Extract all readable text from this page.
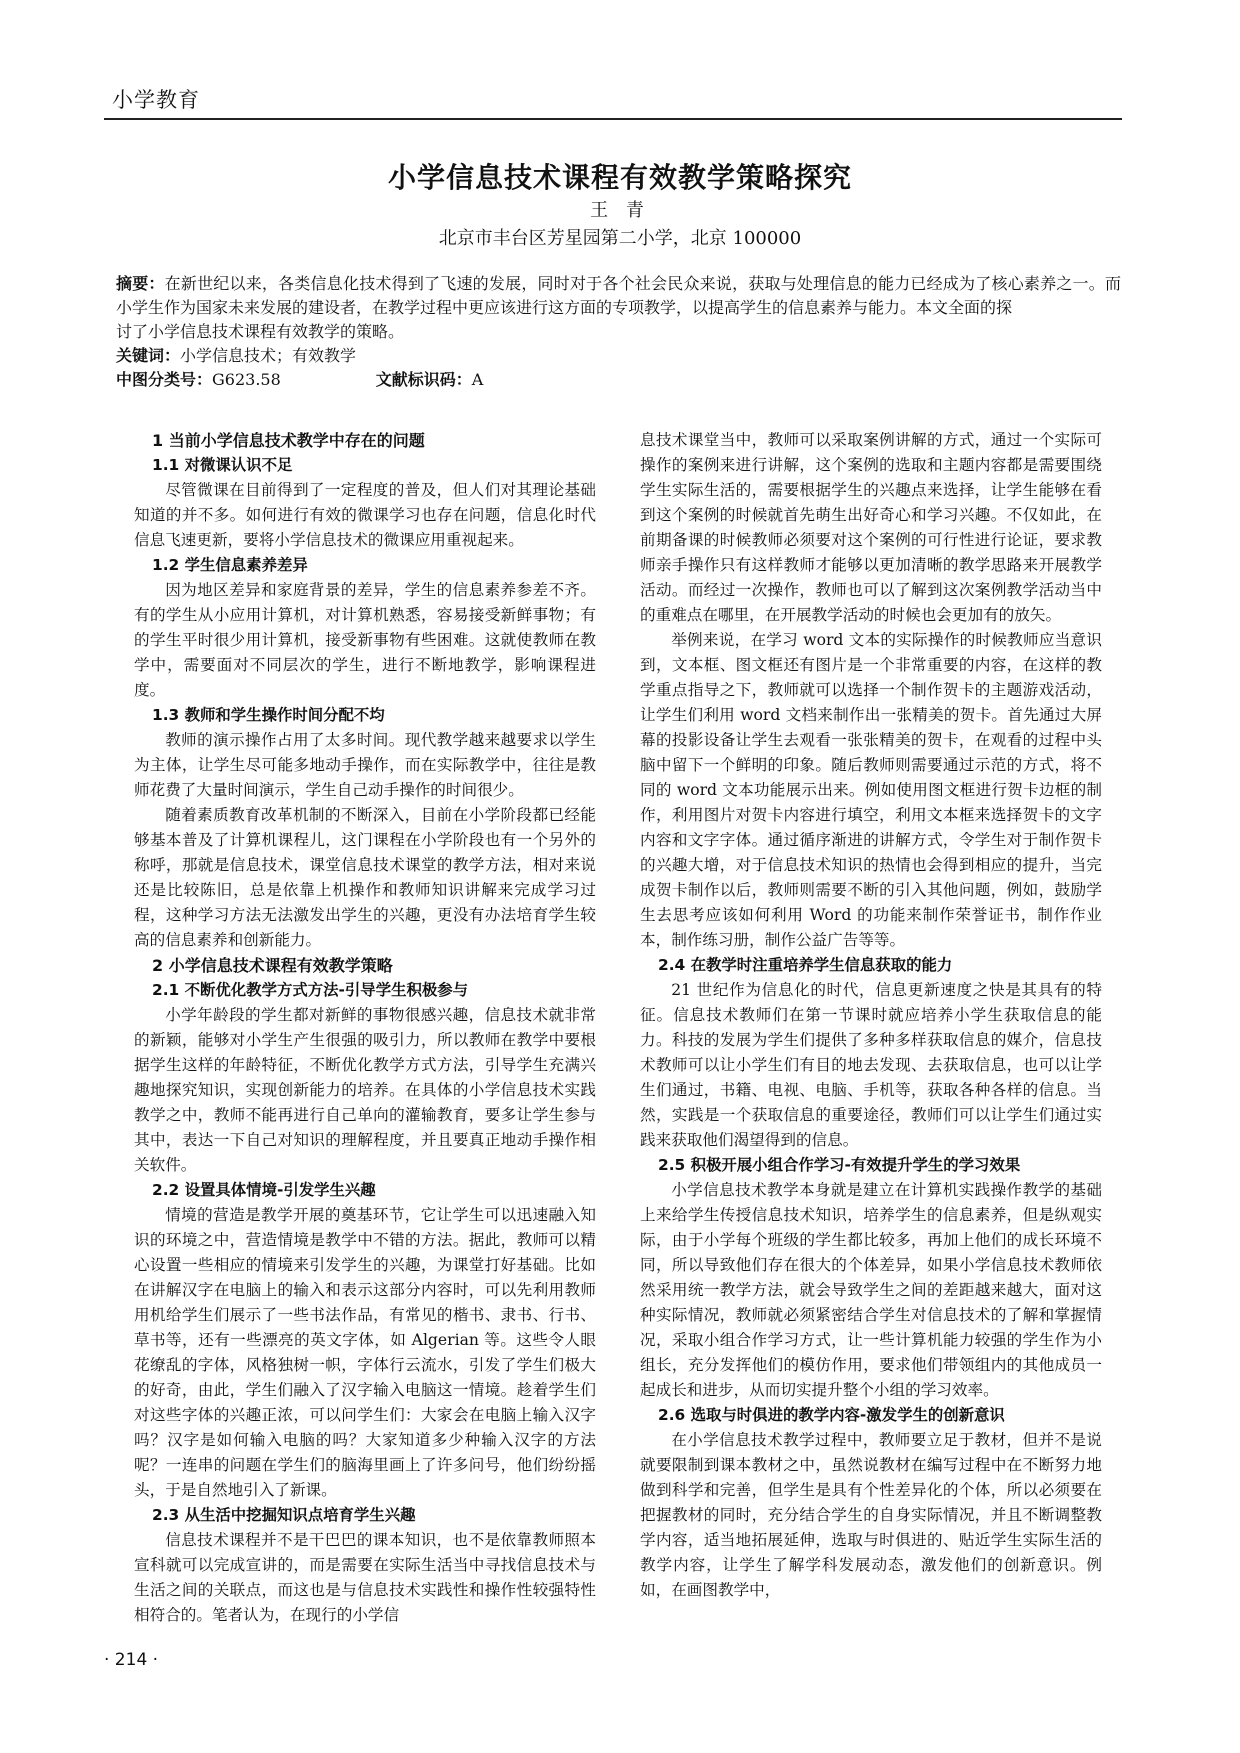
小学教育
小学信息技术课程有效教学策略探究
王 青
北京市丰台区芳星园第二小学，北京 100000

摘要：在新世纪以来，各类信息化技术得到了飞速的发展，同时对于各个社会民众来说，获取与处理信息的能力已经成为了核心素养之一。而小学生作为国家未来发展的建设者，在教学过程中更应该进行这方面的专项教学，以提高学生的信息素养与能力。本文全面的探

讨了小学信息技术课程有效教学的策略。

关键词：小学信息技术；有效教学

中图分类号：G623.58	文献标识码：A

1 当前小学信息技术教学中存在的问题
1.1 对微课认识不足

尽管微课在目前得到了一定程度的普及，但人们对其理论基础知道的并不多。如何进行有效的微课学习也存在问题，信息化时代信息飞速更新，要将小学信息技术的微课应用重视起来。

1.2 学生信息素养差异

因为地区差异和家庭背景的差异，学生的信息素养参差不齐。有的学生从小应用计算机，对计算机熟悉，容易接受新鲜事物；有的学生平时很少用计算机，接受新事物有些困难。这就使教师在教学中，需要面对不同层次的学生，进行不断地教学，影响课程进度。

1.3 教师和学生操作时间分配不均

教师的演示操作占用了太多时间。现代教学越来越要求以学生为主体，让学生尽可能多地动手操作，而在实际教学中，往往是教师花费了大量时间演示，学生自己动手操作的时间很少。

随着素质教育改革机制的不断深入，目前在小学阶段都已经能够基本普及了计算机课程儿，这门课程在小学阶段也有一个另外的称呼，那就是信息技术，课堂信息技术课堂的教学方法，相对来说还是比较陈旧，总是依靠上机操作和教师知识讲解来完成学习过程，这种学习方法无法激发出学生的兴趣，更没有办法培育学生较高的信息素养和创新能力。

2 小学信息技术课程有效教学策略
2.1 不断优化教学方式方法-引导学生积极参与

小学年龄段的学生都对新鲜的事物很感兴趣，信息技术就非常的新颖，能够对小学生产生很强的吸引力，所以教师在教学中要根据学生这样的年龄特征，不断优化教学方式方法，引导学生充满兴趣地探究知识，实现创新能力的培养。在具体的小学信息技术实践教学之中，教师不能再进行自己单向的灌输教育，要多让学生参与其中，表达一下自己对知识的理解程度，并且要真正地动手操作相关软件。

2.2 设置具体情境-引发学生兴趣

情境的营造是教学开展的奠基环节，它让学生可以迅速融入知识的环境之中，营造情境是教学中不错的方法。据此，教师可以精心设置一些相应的情境来引发学生的兴趣，为课堂打好基础。比如在讲解汉字在电脑上的输入和表示这部分内容时，可以先利用教师用机给学生们展示了一些书法作品，有常见的楷书、隶书、行书、草书等，还有一些漂亮的英文字体，如 Algerian 等。这些令人眼花缭乱的字体，风格独树一帜，字体行云流水，引发了学生们极大的好奇，由此，学生们融入了汉字输入电脑这一情境。趁着学生们对这些字体的兴趣正浓，可以问学生们：大家会在电脑上输入汉字吗？汉字是如何输入电脑的吗？大家知道多少种输入汉字的方法呢？一连串的问题在学生们的脑海里画上了许多问号，他们纷纷摇头，于是自然地引入了新课。

2.3 从生活中挖掘知识点培育学生兴趣

信息技术课程并不是干巴巴的课本知识，也不是依靠教师照本宣科就可以完成宣讲的，而是需要在实际生活当中寻找信息技术与生活之间的关联点，而这也是与信息技术实践性和操作性较强特性相符合的。笔者认为，在现行的小学信

息技术课堂当中，教师可以采取案例讲解的方式，通过一个实际可操作的案例来进行讲解，这个案例的选取和主题内容都是需要围绕学生实际生活的，需要根据学生的兴趣点来选择，让学生能够在看到这个案例的时候就首先萌生出好奇心和学习兴趣。不仅如此，在前期备课的时候教师必须要对这个案例的可行性进行论证，要求教师亲手操作只有这样教师才能够以更加清晰的教学思路来开展教学活动。而经过一次操作，教师也可以了解到这次案例教学活动当中的重难点在哪里，在开展教学活动的时候也会更加有的放矢。

举例来说，在学习 word 文本的实际操作的时候教师应当意识到，文本框、图文框还有图片是一个非常重要的内容，在这样的教学重点指导之下，教师就可以选择一个制作贺卡的主题游戏活动，让学生们利用 word 文档来制作出一张精美的贺卡。首先通过大屏幕的投影设备让学生去观看一张张精美的贺卡，在观看的过程中头脑中留下一个鲜明的印象。随后教师则需要通过示范的方式，将不同的 word 文本功能展示出来。例如使用图文框进行贺卡边框的制作，利用图片对贺卡内容进行填空，利用文本框来选择贺卡的文字内容和文字字体。通过循序渐进的讲解方式，令学生对于制作贺卡的兴趣大增，对于信息技术知识的热情也会得到相应的提升，当完成贺卡制作以后，教师则需要不断的引入其他问题，例如，鼓励学生去思考应该如何利用 Word 的功能来制作荣誉证书，制作作业本，制作练习册，制作公益广告等等。

2.4 在教学时注重培养学生信息获取的能力

21 世纪作为信息化的时代，信息更新速度之快是其具有的特征。信息技术教师们在第一节课时就应培养小学生获取信息的能力。科技的发展为学生们提供了多种多样获取信息的媒介，信息技术教师可以让小学生们有目的地去发现、去获取信息，也可以让学生们通过，书籍、电视、电脑、手机等，获取各种各样的信息。当然，实践是一个获取信息的重要途径，教师们可以让学生们通过实践来获取他们渴望得到的信息。

2.5 积极开展小组合作学习-有效提升学生的学习效果

小学信息技术教学本身就是建立在计算机实践操作教学的基础上来给学生传授信息技术知识，培养学生的信息素养，但是纵观实际，由于小学每个班级的学生都比较多，再加上他们的成长环境不同，所以导致他们存在很大的个体差异，如果小学信息技术教师依然采用统一教学方法，就会导致学生之间的差距越来越大，面对这种实际情况，教师就必须紧密结合学生对信息技术的了解和掌握情况，采取小组合作学习方式，让一些计算机能力较强的学生作为小组长，充分发挥他们的模仿作用，要求他们带领组内的其他成员一起成长和进步，从而切实提升整个小组的学习效率。

2.6 选取与时俱进的教学内容-激发学生的创新意识

在小学信息技术教学过程中，教师要立足于教材，但并不是说就要限制到课本教材之中，虽然说教材在编写过程中在不断努力地做到科学和完善，但学生是具有个性差异化的个体，所以必须要在把握教材的同时，充分结合学生的自身实际情况，并且不断调整教学内容，适当地拓展延伸，选取与时俱进的、贴近学生实际生活的教学内容，让学生了解学科发展动态，激发他们的创新意识。例如，在画图教学中，

· 214 ·
